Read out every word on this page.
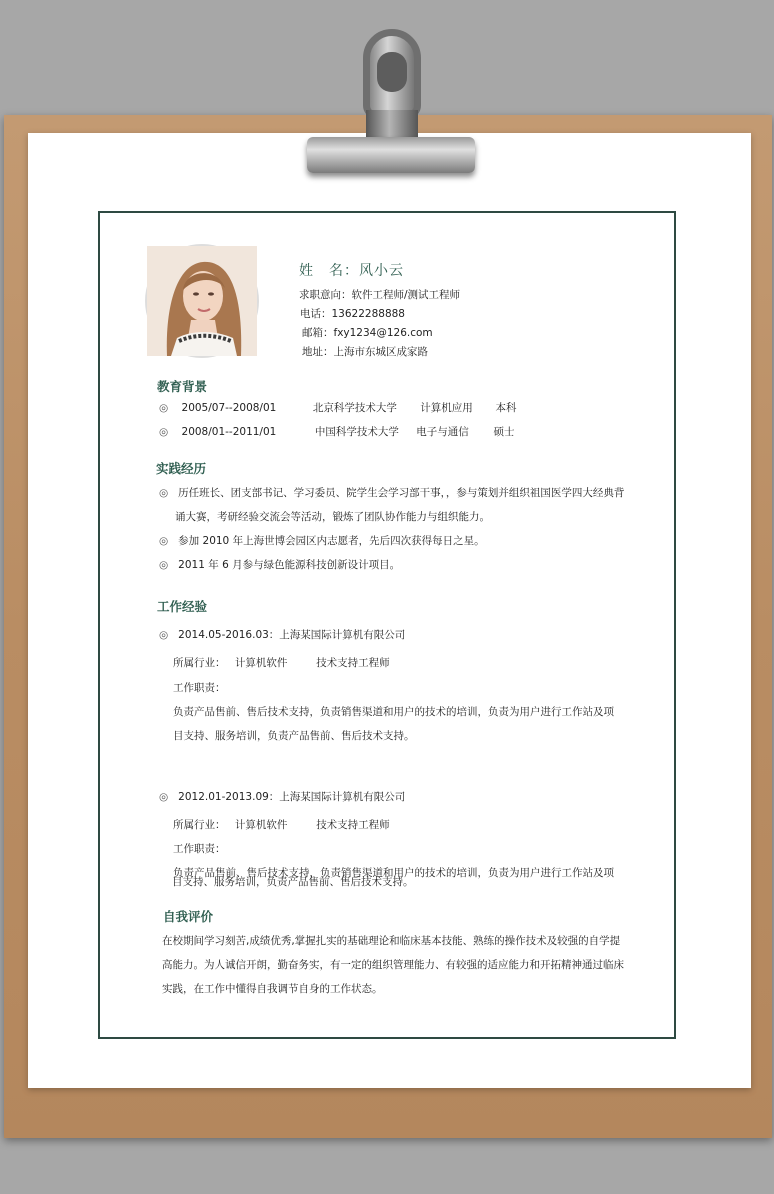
姓　名：风小云
求职意向：软件工程师/测试工程师
电话：13622288888
邮箱：fxy1234@126.com
地址：上海市东城区成家路
教育背景
◎ 2005/07--2008/01	北京科学技术大学 计算机应用 本科
◎ 2008/01--2011/01	中国科学技术大学 电子与通信 硕士
实践经历
◎ 历任班长、团支部书记、学习委员、院学生会学习部干事，，参与策划并组织祖国医学四大经典背
诵大赛，考研经验交流会等活动，锻炼了团队协作能力与组织能力。
◎ 参加 2010 年上海世博会园区内志愿者，先后四次获得每日之星。
◎ 2011 年 6 月参与绿色能源科技创新设计项目。
工作经验
◎ 2014.05-2016.03：上海某国际计算机有限公司
所属行业： 计算机软件	技术支持工程师
工作职责：
负责产品售前、售后技术支持，负责销售渠道和用户的技术的培训，负责为用户进行工作站及项
目支持、服务培训，负责产品售前、售后技术支持。
◎ 2012.01-2013.09：上海某国际计算机有限公司
所属行业： 计算机软件	技术支持工程师
工作职责：
负责产品售前、售后技术支持，负责销售渠道和用户的技术的培训，负责为用户进行工作站及项
目支持、服务培训，负责产品售前、售后技术支持。
自我评价
在校期间学习刻苦,成绩优秀,掌握扎实的基础理论和临床基本技能、熟练的操作技术及较强的自学提
高能力。为人诚信开朗，勤奋务实，有一定的组织管理能力、有较强的适应能力和开拓精神通过临床
实践，在工作中懂得自我调节自身的工作状态。
